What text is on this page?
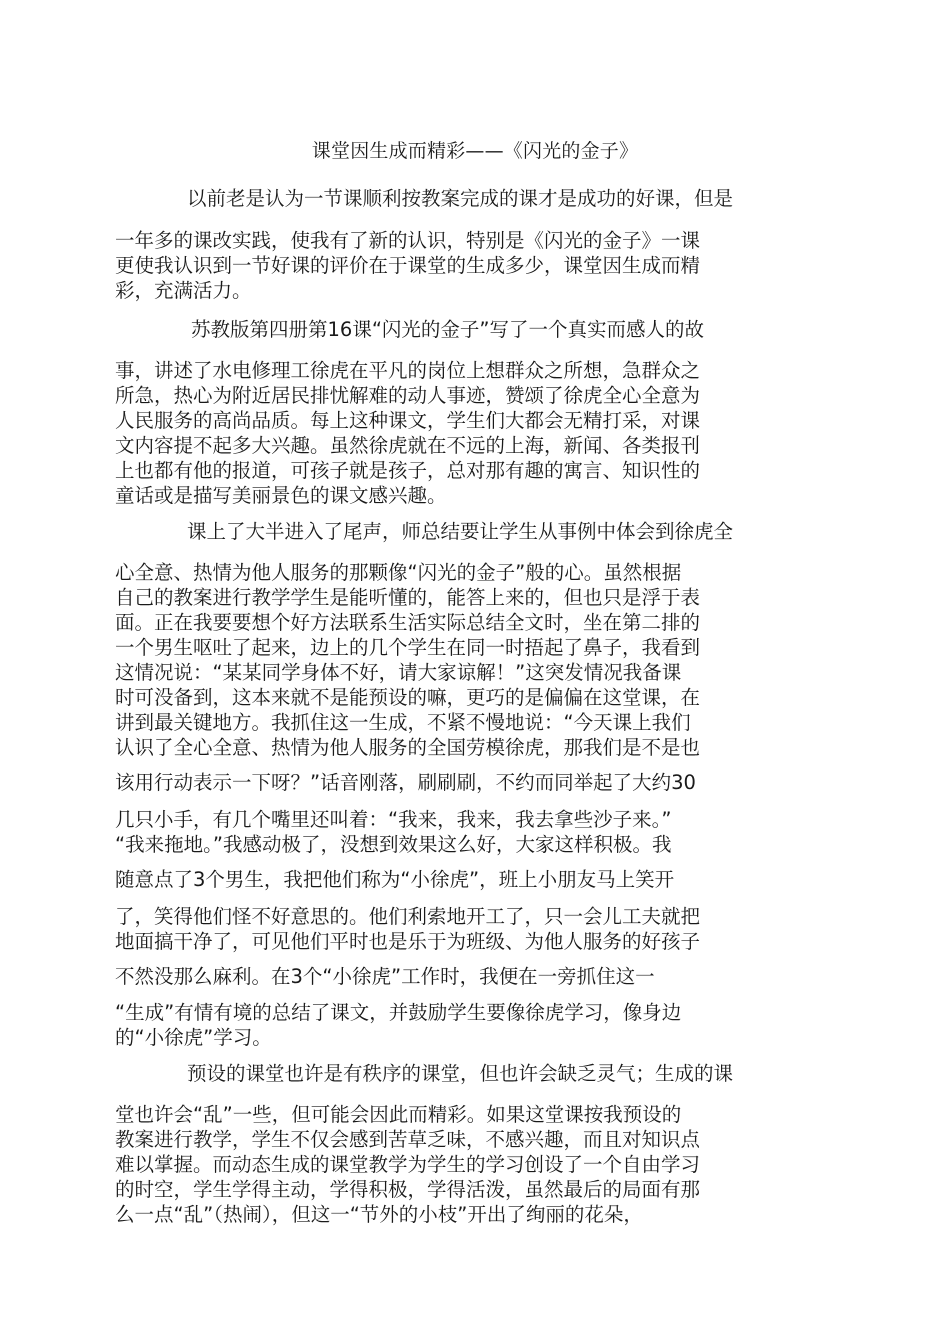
课堂因生成而精彩——《闪光的金子》
以前老是认为一节课顺利按教案完成的课才是成功的好课，但是
一年多的课改实践，使我有了新的认识，特别是《闪光的金子》一课
更使我认识到一节好课的评价在于课堂的生成多少，课堂因生成而精
彩，充满活力。
苏教版第四册第16课“闪光的金子”写了一个真实而感人的故
事，讲述了水电修理工徐虎在平凡的岗位上想群众之所想，急群众之
所急，热心为附近居民排忧解难的动人事迹，赞颂了徐虎全心全意为
人民服务的高尚品质。每上这种课文，学生们大都会无精打采，对课
文内容提不起多大兴趣。虽然徐虎就在不远的上海，新闻、各类报刊
上也都有他的报道，可孩子就是孩子，总对那有趣的寓言、知识性的
童话或是描写美丽景色的课文感兴趣。
课上了大半进入了尾声，师总结要让学生从事例中体会到徐虎全
心全意、热情为他人服务的那颗像“闪光的金子”般的心。虽然根据
自己的教案进行教学学生是能听懂的，能答上来的，但也只是浮于表
面。正在我要要想个好方法联系生活实际总结全文时，坐在第二排的
一个男生呕吐了起来，边上的几个学生在同一时捂起了鼻子，我看到
这情况说：“某某同学身体不好，请大家谅解！”这突发情况我备课
时可没备到，这本来就不是能预设的嘛，更巧的是偏偏在这堂课，在
讲到最关键地方。我抓住这一生成，不紧不慢地说：“今天课上我们
认识了全心全意、热情为他人服务的全国劳模徐虎，那我们是不是也
该用行动表示一下呀？”话音刚落，刷刷刷，不约而同举起了大约30
几只小手，有几个嘴里还叫着：“我来，我来，我去拿些沙子来。”
“我来拖地。”我感动极了，没想到效果这么好，大家这样积极。我
随意点了3个男生，我把他们称为“小徐虎”，班上小朋友马上笑开
了，笑得他们怪不好意思的。他们利索地开工了，只一会儿工夫就把
地面搞干净了，可见他们平时也是乐于为班级、为他人服务的好孩子
不然没那么麻利。在3个“小徐虎”工作时，我便在一旁抓住这一
“生成”有情有境的总结了课文，并鼓励学生要像徐虎学习，像身边
的“小徐虎”学习。
预设的课堂也许是有秩序的课堂，但也许会缺乏灵气；生成的课
堂也许会“乱”一些，但可能会因此而精彩。如果这堂课按我预设的
教案进行教学，学生不仅会感到苦草乏味，不感兴趣，而且对知识点
难以掌握。而动态生成的课堂教学为学生的学习创设了一个自由学习
的时空，学生学得主动，学得积极，学得活泼，虽然最后的局面有那
么一点“乱”（热闹），但这一“节外的小枝”开出了绚丽的花朵，
